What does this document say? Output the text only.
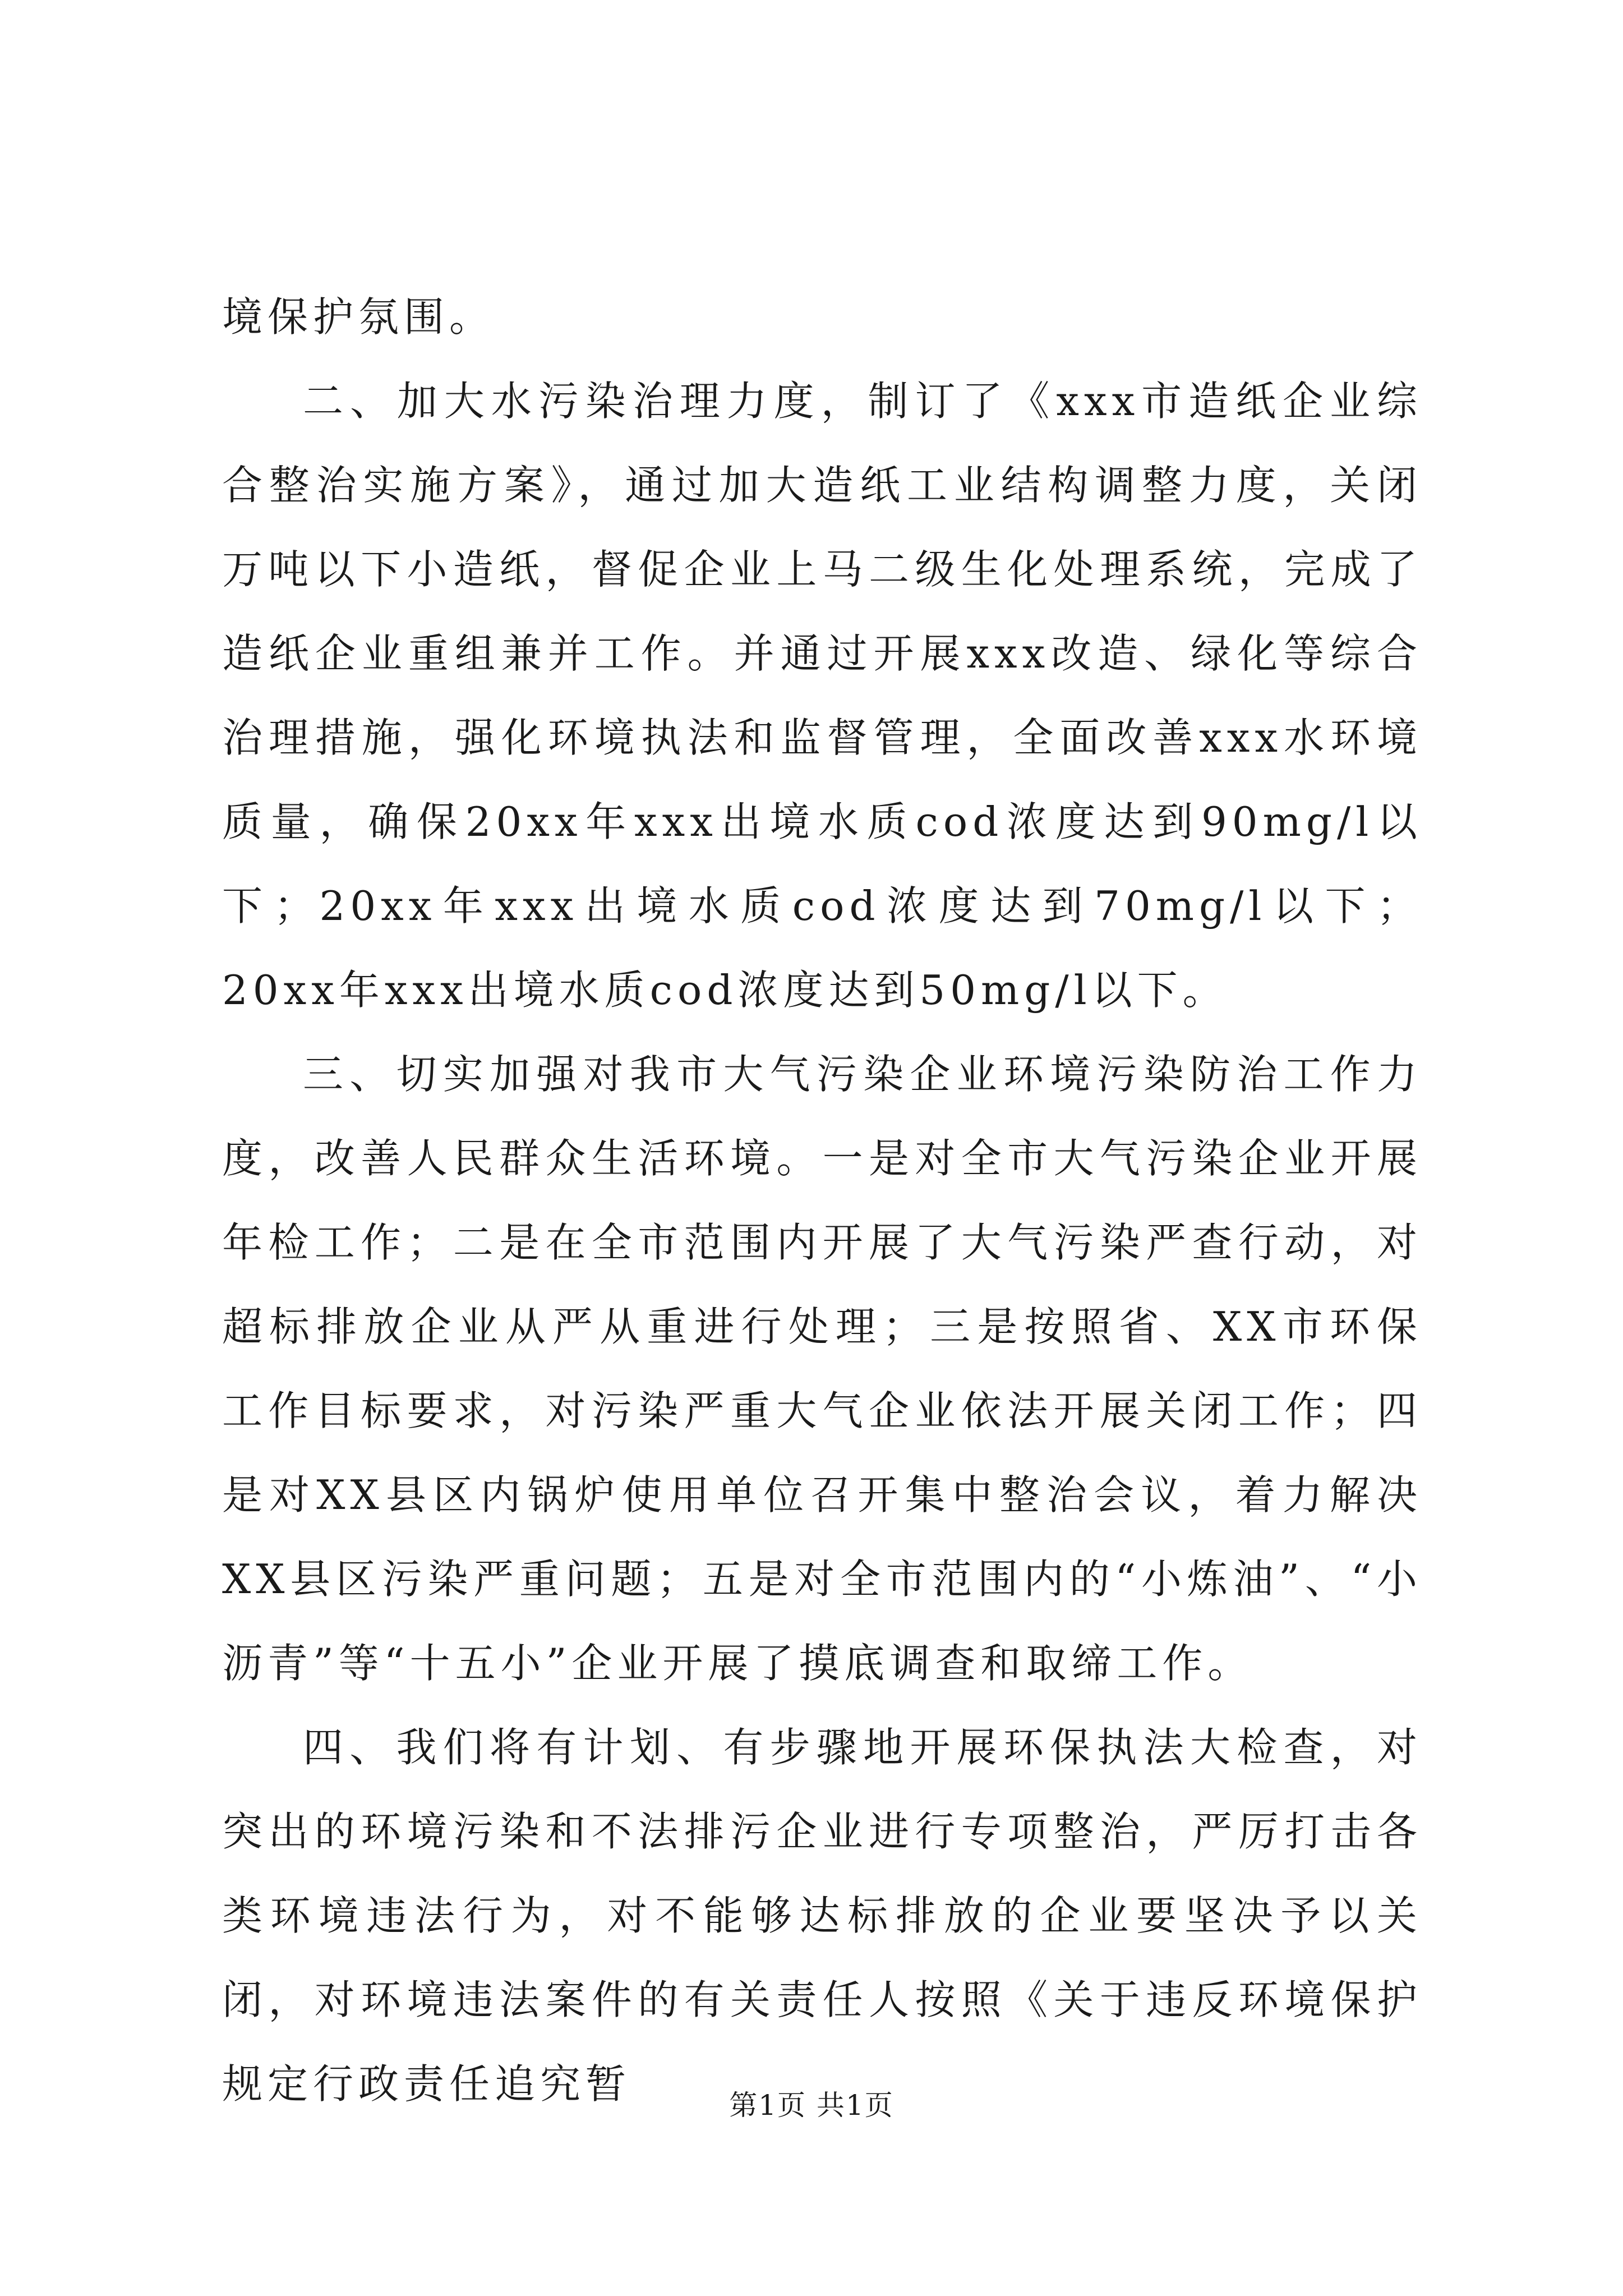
境保护氛围。

二、加大水污染治理力度，制订了《xxx市造纸企业综合整治实施方案》，通过加大造纸工业结构调整力度，关闭万吨以下小造纸，督促企业上马二级生化处理系统，完成了造纸企业重组兼并工作。并通过开展xxx改造、绿化等综合治理措施，强化环境执法和监督管理，全面改善xxx水环境质量，确保20xx年xxx出境水质cod浓度达到90mg/l以下；20xx年xxx出境水质cod浓度达到70mg/l以下；20xx年xxx出境水质cod浓度达到50mg/l以下。

三、切实加强对我市大气污染企业环境污染防治工作力度，改善人民群众生活环境。一是对全市大气污染企业开展年检工作；二是在全市范围内开展了大气污染严查行动，对超标排放企业从严从重进行处理；三是按照省、XX市环保工作目标要求，对污染严重大气企业依法开展关闭工作；四是对XX县区内锅炉使用单位召开集中整治会议，着力解决XX县区污染严重问题；五是对全市范围内的“小炼油”、“小沥青”等“十五小”企业开展了摸底调查和取缔工作。

四、我们将有计划、有步骤地开展环保执法大检查，对突出的环境污染和不法排污企业进行专项整治，严厉打击各类环境违法行为，对不能够达标排放的企业要坚决予以关闭，对环境违法案件的有关责任人按照《关于违反环境保护规定行政责任追究暂	第1页 共1页
